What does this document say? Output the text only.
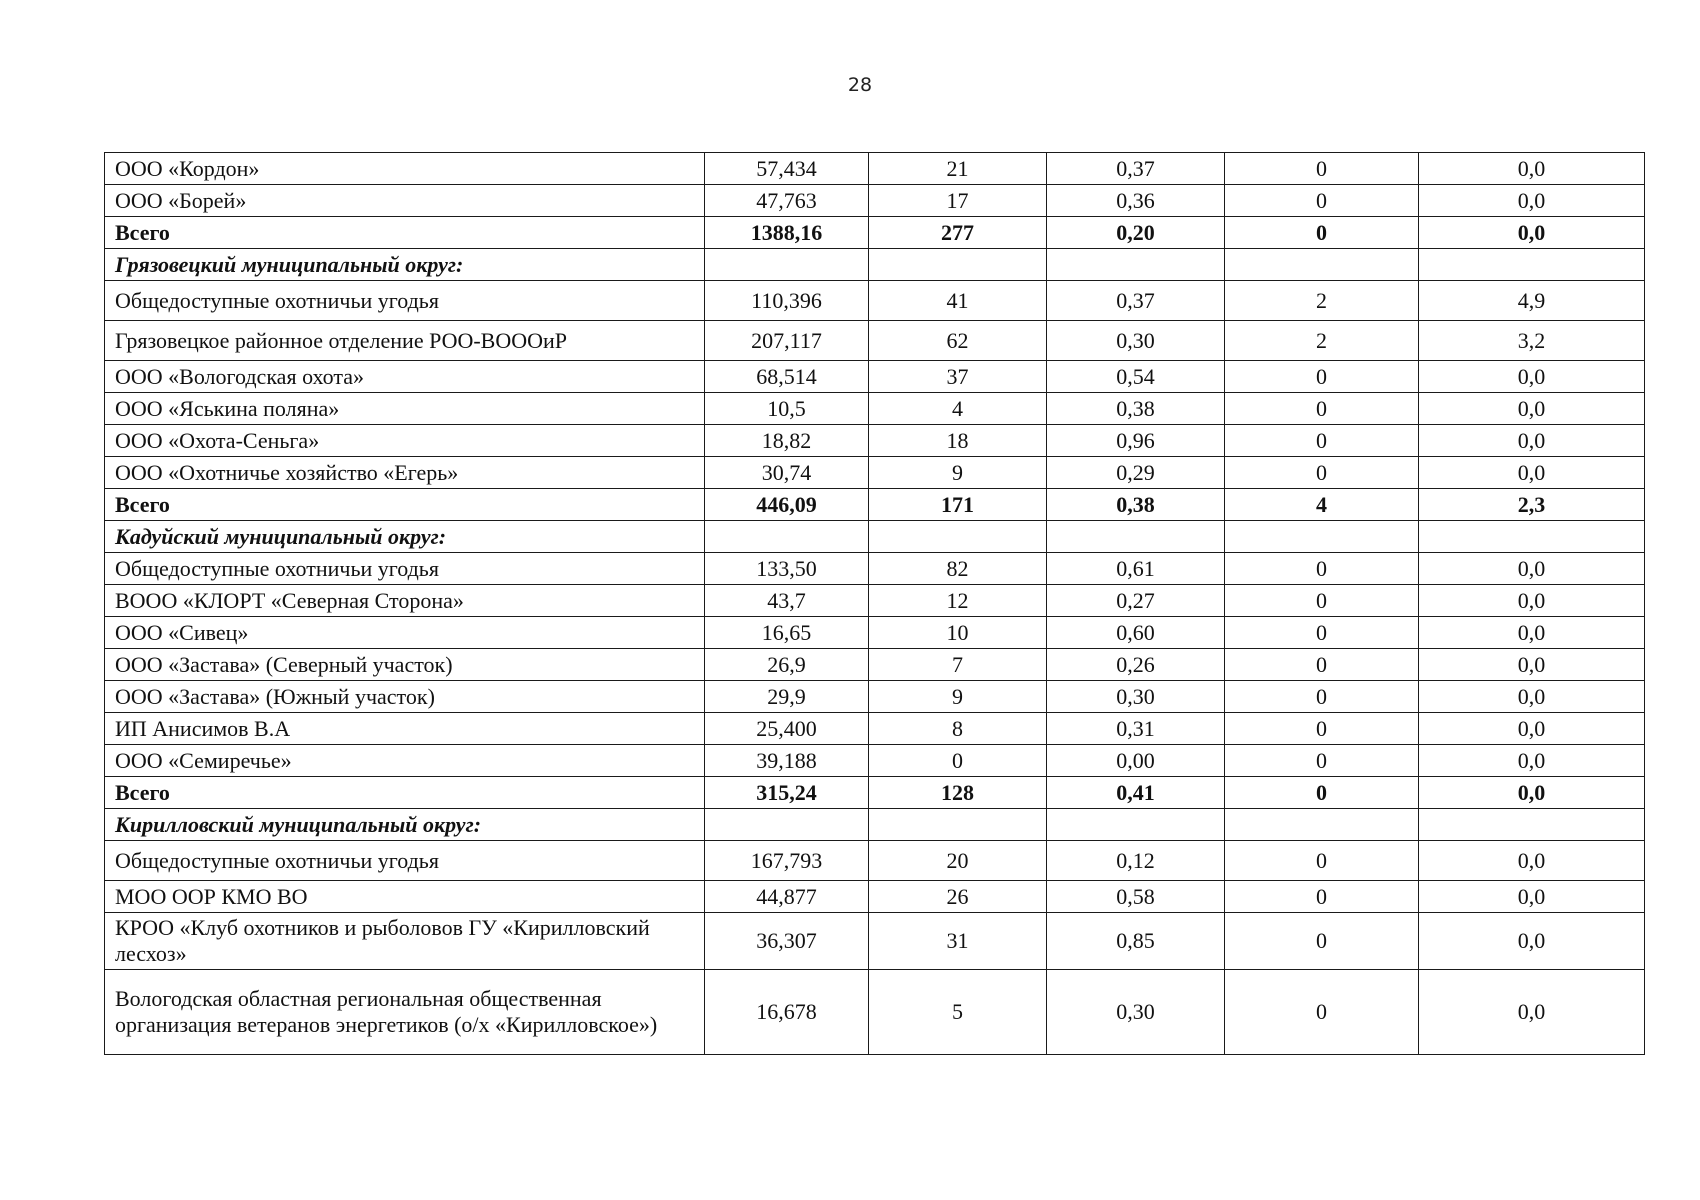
28
ООО «Кордон»	57,434	21	0,37	0	0,0
ООО «Борей»	47,763	17	0,36	0	0,0
Всего	1388,16	277	0,20	0	0,0
Грязовецкий муниципальный округ:					
Общедоступные охотничьи угодья	110,396	41	0,37	2	4,9
Грязовецкое районное отделение РОО-ВОООиР	207,117	62	0,30	2	3,2
ООО «Вологодская охота»	68,514	37	0,54	0	0,0
ООО «Яськина поляна»	10,5	4	0,38	0	0,0
ООО «Охота-Сеньга»	18,82	18	0,96	0	0,0
ООО «Охотничье хозяйство «Егерь»	30,74	9	0,29	0	0,0
Всего	446,09	171	0,38	4	2,3
Кадуйский муниципальный округ:					
Общедоступные охотничьи угодья	133,50	82	0,61	0	0,0
ВООО «КЛОРТ «Северная Сторона»	43,7	12	0,27	0	0,0
ООО «Сивец»	16,65	10	0,60	0	0,0
ООО «Застава» (Северный участок)	26,9	7	0,26	0	0,0
ООО «Застава» (Южный участок)	29,9	9	0,30	0	0,0
ИП Анисимов В.А	25,400	8	0,31	0	0,0
ООО «Семиречье»	39,188	0	0,00	0	0,0
Всего	315,24	128	0,41	0	0,0
Кирилловский муниципальный округ:					
Общедоступные охотничьи угодья	167,793	20	0,12	0	0,0
МОО ООР КМО ВО	44,877	26	0,58	0	0,0
КРОО «Клуб охотников и рыболовов ГУ «Кирилловский лесхоз»	36,307	31	0,85	0	0,0
Вологодская областная региональная общественная организация ветеранов энергетиков (о/х «Кирилловское»)	16,678	5	0,30	0	0,0
